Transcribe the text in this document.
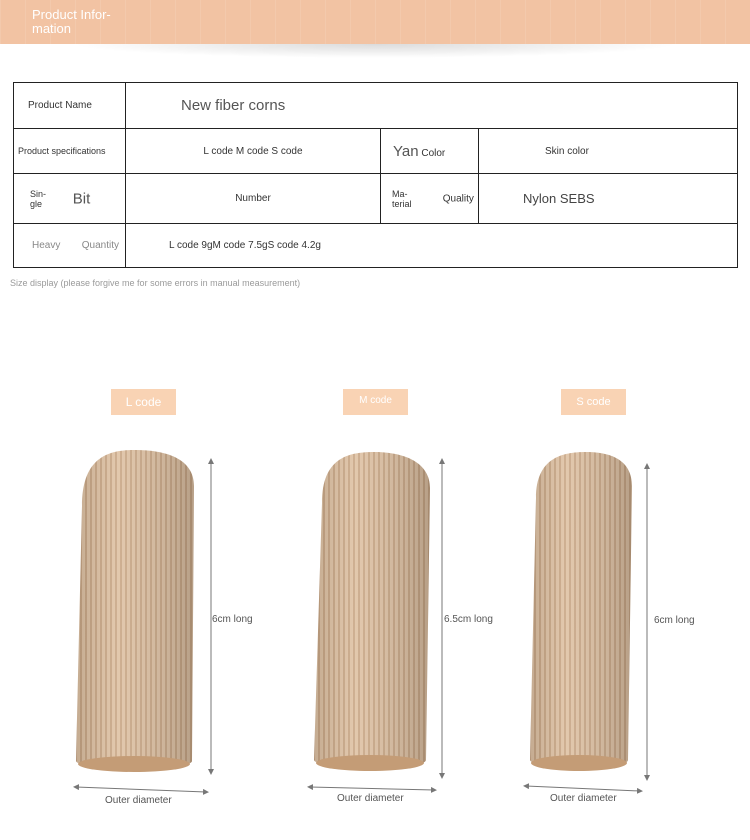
Product Infor-
mation
Product Name	New fiber corns		
Product specifications	L code M code S code	Yan Color	Skin color
Sin-
gle Bit	Number	Ma-
terial Quality	Nylon SEBS
Heavy Quantity	L code 9gM code 7.5gS code 4.2g		
Size display (please forgive me for some errors in manual measurement)
L code	M code	S code
6cm long	6.5cm long	6cm long
Outer diameter	Outer diameter	Outer diameter
